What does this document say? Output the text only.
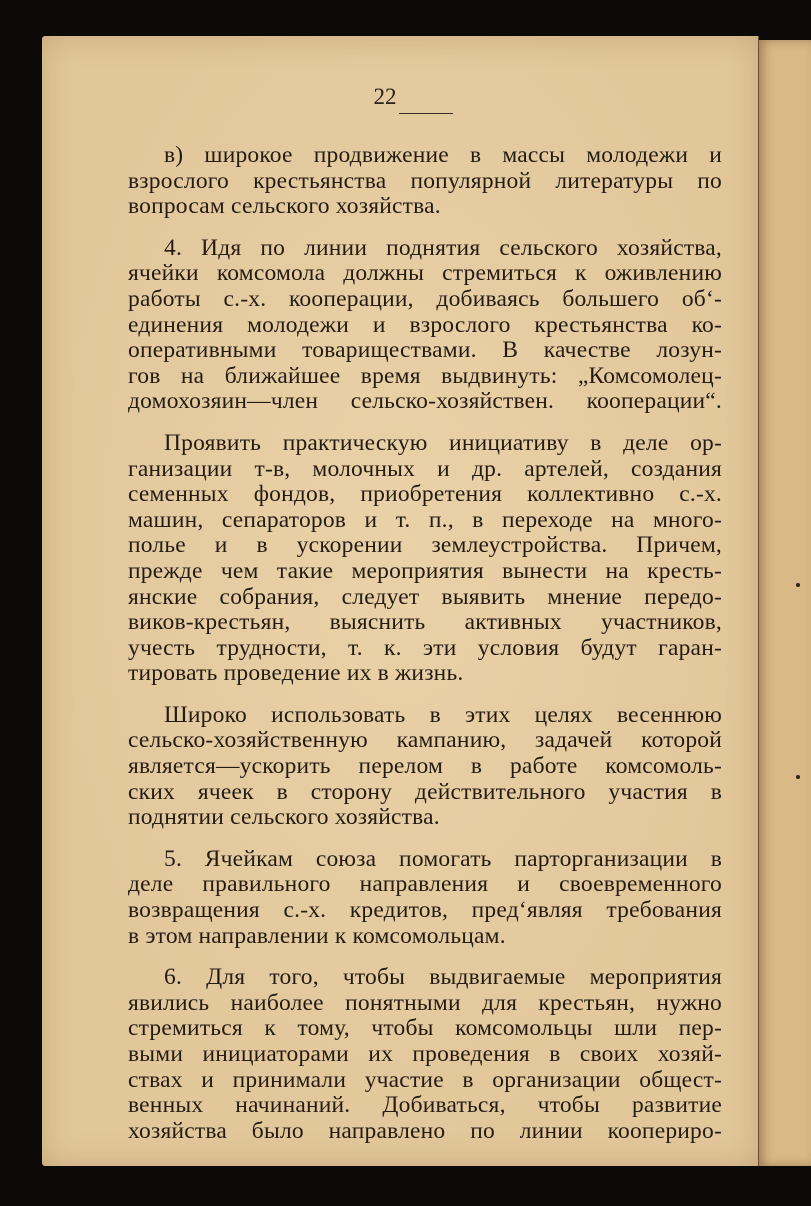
22

в) широкое продвижение в массы молодежи и
взрослого крестьянства популярной литературы по
вопросам сельского хозяйства.

4. Идя по линии поднятия сельского хозяйства,
ячейки комсомола должны стремиться к оживлению
работы с.-х. кооперации, добиваясь большего об‘-
единения молодежи и взрослого крестьянства ко-
оперативными товариществами. В качестве лозун-
гов на ближайшее время выдвинуть: „Комсомолец-
домохозяин—член сельско-хозяйствен. кооперации“.

Проявить практическую инициативу в деле ор-
ганизации т-в, молочных и др. артелей, создания
семенных фондов, приобретения коллективно с.-х.
машин, сепараторов и т. п., в переходе на много-
полье и в ускорении землеустройства. Причем,
прежде чем такие мероприятия вынести на кресть-
янские собрания, следует выявить мнение передо-
виков-крестьян, выяснить активных участников,
учесть трудности, т. к. эти условия будут гаран-
тировать проведение их в жизнь.

Широко использовать в этих целях весеннюю
сельско-хозяйственную кампанию, задачей которой
является—ускорить перелом в работе комсомоль-
ских ячеек в сторону действительного участия в
поднятии сельского хозяйства.

5. Ячейкам союза помогать парторганизации в
деле правильного направления и своевременного
возвращения с.-х. кредитов, пред‘являя требования
в этом направлении к комсомольцам.

6. Для того, чтобы выдвигаемые мероприятия
явились наиболее понятными для крестьян, нужно
стремиться к тому, чтобы комсомольцы шли пер-
выми инициаторами их проведения в своих хозяй-
ствах и принимали участие в организации общест-
венных начинаний. Добиваться, чтобы развитие
хозяйства было направлено по линии коопериро-
